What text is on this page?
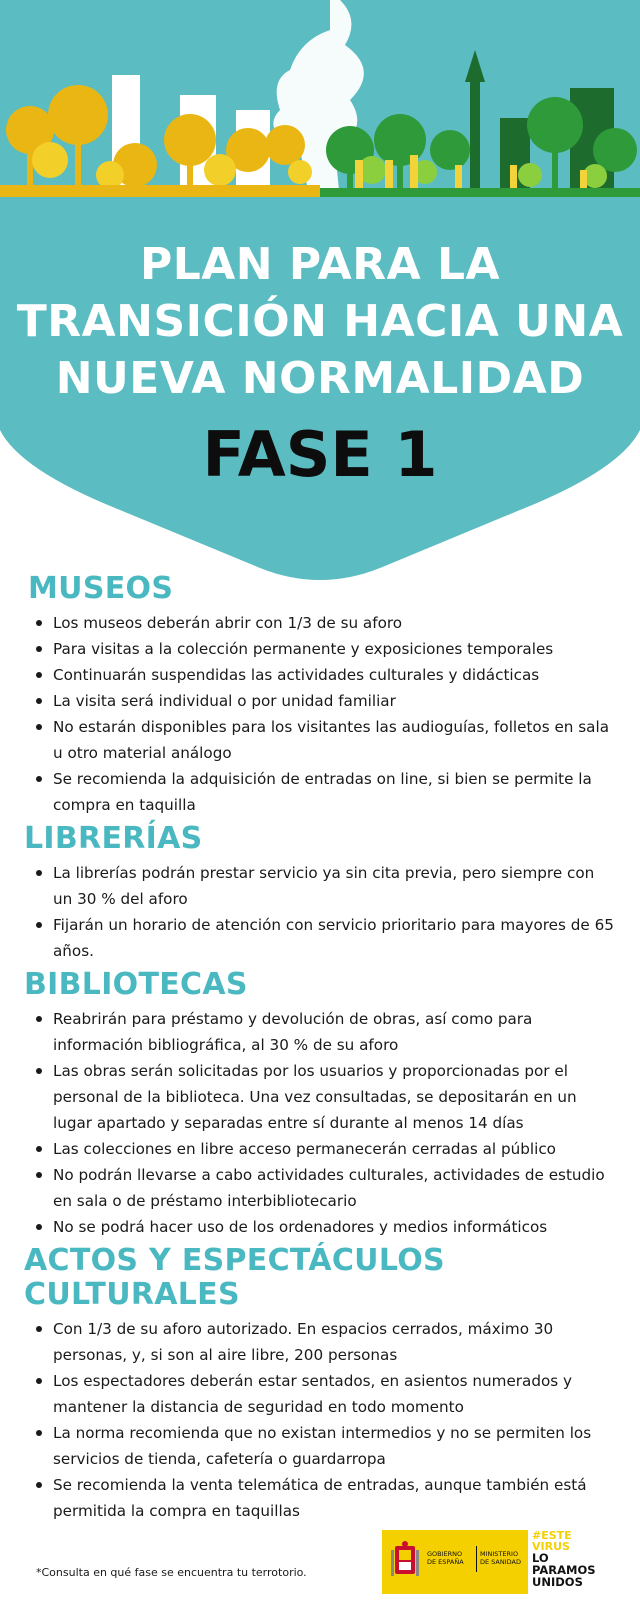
PLAN PARA LA
TRANSICIÓN HACIA UNA
NUEVA NORMALIDAD
FASE 1
MUSEOS
Los museos deberán abrir con 1/3 de su aforo
Para visitas a la colección permanente y exposiciones temporales
Continuarán suspendidas las actividades culturales y didácticas
La visita será individual o por unidad familiar
No estarán disponibles para los visitantes las audioguías, folletos en sala u otro material análogo
Se recomienda la adquisición de entradas on line, si bien se permite la compra en taquilla
LIBRERÍAS
La librerías podrán prestar servicio ya sin cita previa, pero siempre con un 30 % del aforo
Fijarán un horario de atención con servicio prioritario para mayores de 65 años.
BIBLIOTECAS
Reabrirán para préstamo y devolución de obras, así como para información bibliográfica, al 30 % de su aforo
Las obras serán solicitadas por los usuarios y proporcionadas por el personal de la biblioteca. Una vez consultadas, se depositarán en un lugar apartado y separadas entre sí durante al menos 14 días
Las colecciones en libre acceso permanecerán cerradas al público
No podrán llevarse a cabo actividades culturales, actividades de estudio en sala o de préstamo interbibliotecario
No se podrá hacer uso de los ordenadores y medios informáticos
ACTOS Y ESPECTÁCULOS CULTURALES
Con 1/3 de su aforo autorizado. En espacios cerrados, máximo 30 personas, y, si son al aire libre, 200 personas
Los espectadores deberán estar sentados, en asientos numerados y mantener la distancia de seguridad en todo momento
La norma recomienda que no existan intermedios y no se permiten los servicios de tienda, cafetería o guardarropa
Se recomienda la venta telemática de entradas, aunque también está permitida la compra en taquillas
*Consulta en qué fase se encuentra tu terrotorio.
GOBIERNO
DE ESPAÑA
MINISTERIO
DE SANIDAD
#ESTE
VIRUS
LO
PARAMOS
UNIDOS
